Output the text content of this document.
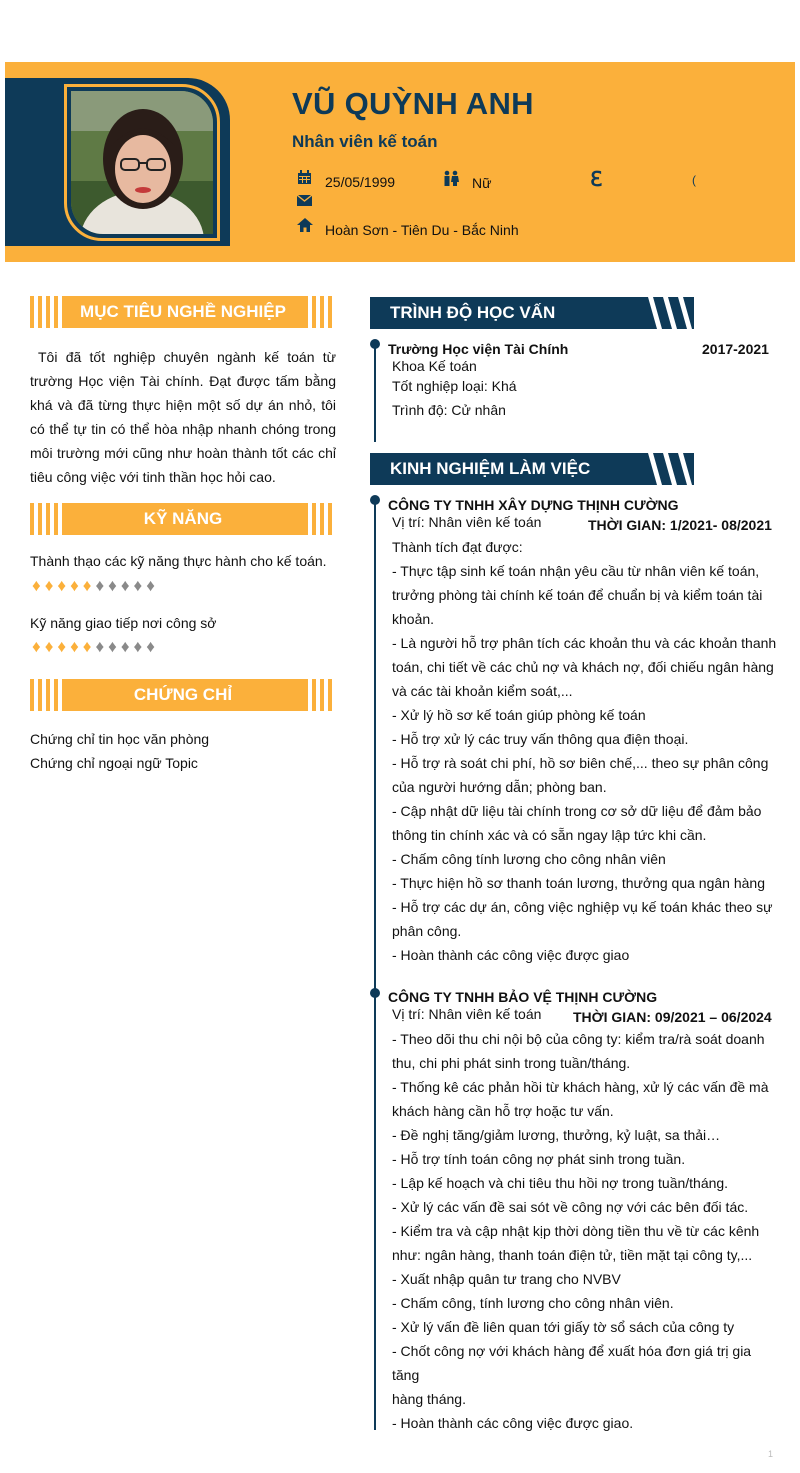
VŨ QUỲNH ANH
Nhân viên kế toán
25/05/1999	Nữ	ℇ	(
Hoàn Sơn - Tiên Du - Bắc Ninh
MỤC TIÊU NGHỀ NGHIỆP
Tôi đã tốt nghiệp chuyên ngành kế toán từ trường Học viện Tài chính. Đạt được tấm bằng khá và đã từng thực hiện một số dự án nhỏ, tôi có thể tự tin có thể hòa nhập nhanh chóng trong môi trường mới cũng như hoàn thành tốt các chỉ tiêu công việc với tinh thần học hỏi cao.
KỸ NĂNG
Thành thạo các kỹ năng thực hành cho kế toán.
♦♦♦♦♦♦♦♦♦♦
Kỹ năng giao tiếp nơi công sở
♦♦♦♦♦♦♦♦♦♦
CHỨNG CHỈ
Chứng chỉ tin học văn phòng
Chứng chỉ ngoại ngữ Topic
TRÌNH ĐỘ HỌC VẤN
Trường Học viện Tài Chính	2017-2021
Khoa Kế toán
Tốt nghiệp loại: Khá
Trình độ: Cử nhân
KINH NGHIỆM LÀM VIỆC
CÔNG TY TNHH XÂY DỰNG THỊNH CƯỜNG
Vị trí: Nhân viên kế toán	THỜI GIAN: 1/2021- 08/2021
Thành tích đạt được:
- Thực tập sinh kế toán nhận yêu cầu từ nhân viên kế toán,
trưởng phòng tài chính kế toán để chuẩn bị và kiểm toán tài
khoản.
- Là người hỗ trợ phân tích các khoản thu và các khoản thanh
toán, chi tiết về các chủ nợ và khách nợ, đối chiếu ngân hàng
và các tài khoản kiểm soát,...
- Xử lý hồ sơ kế toán giúp phòng kế toán
- Hỗ trợ xử lý các truy vấn thông qua điện thoại.
- Hỗ trợ rà soát chi phí, hồ sơ biên chế,... theo sự phân công
của người hướng dẫn; phòng ban.
- Cập nhật dữ liệu tài chính trong cơ sở dữ liệu để đảm bảo
thông tin chính xác và có sẵn ngay lập tức khi cần.
- Chấm công tính lương cho công nhân viên
- Thực hiện hồ sơ thanh toán lương, thưởng qua ngân hàng
- Hỗ trợ các dự án, công việc nghiệp vụ kế toán khác theo sự
phân công.
- Hoàn thành các công việc được giao
CÔNG TY TNHH BẢO VỆ THỊNH CƯỜNG
Vị trí: Nhân viên kế toán THỜI GIAN: 09/2021 – 06/2024
- Theo dõi thu chi nội bộ của công ty: kiểm tra/rà soát doanh
thu, chi phi phát sinh trong tuần/tháng.
- Thống kê các phản hồi từ khách hàng, xử lý các vấn đề mà
khách hàng cần hỗ trợ hoặc tư vấn.
- Đề nghị tăng/giảm lương, thưởng, kỷ luật, sa thải…
- Hỗ trợ tính toán công nợ phát sinh trong tuần.
- Lập kế hoạch và chi tiêu thu hồi nợ trong tuần/tháng.
- Xử lý các vấn đề sai sót về công nợ với các bên đối tác.
- Kiểm tra và cập nhật kịp thời dòng tiền thu về từ các kênh
như: ngân hàng, thanh toán điện tử, tiền mặt tại công ty,...
- Xuất nhập quân tư trang cho NVBV
- Chấm công, tính lương cho công nhân viên.
- Xử lý vấn đề liên quan tới giấy tờ sổ sách của công ty
- Chốt công nợ với khách hàng để xuất hóa đơn giá trị gia tăng
hàng tháng.
- Hoàn thành các công việc được giao.
1
